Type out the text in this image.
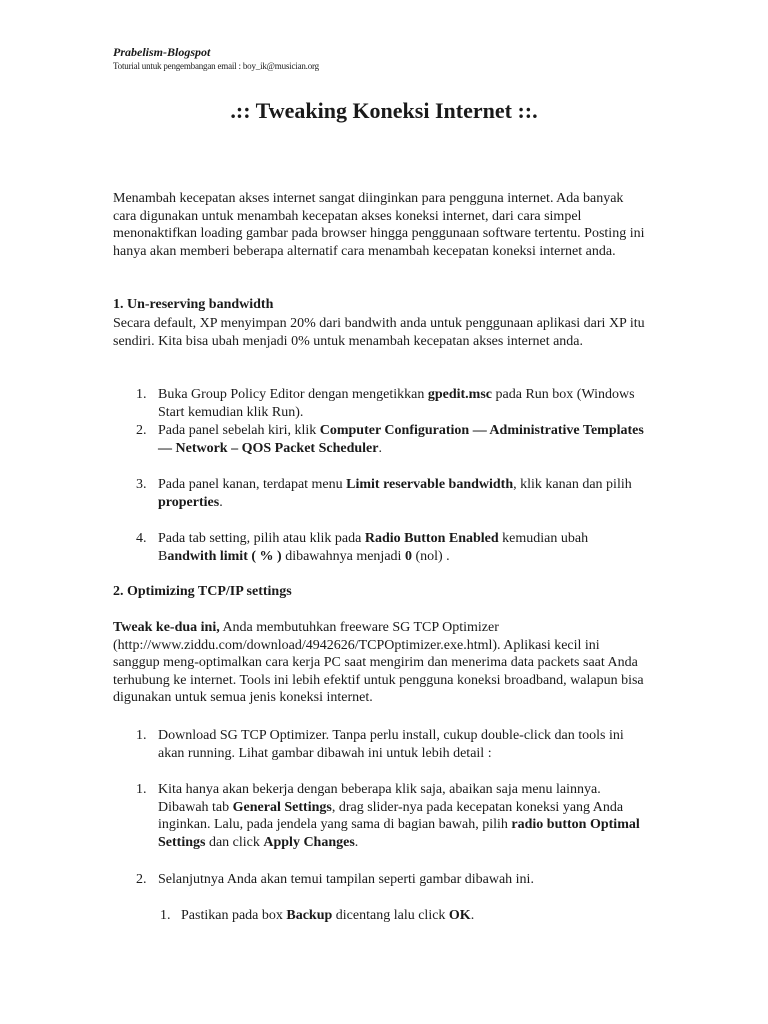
Prabelism-Blogspot
Toturial untuk pengembangan email : boy_ik@musician.org
.:: Tweaking Koneksi Internet ::.
Menambah kecepatan akses internet sangat diinginkan para pengguna internet. Ada banyak cara digunakan untuk menambah kecepatan akses koneksi internet, dari cara simpel menonaktifkan loading gambar pada browser hingga penggunaan software tertentu. Posting ini hanya akan memberi beberapa alternatif cara menambah kecepatan koneksi internet anda.
1. Un-reserving bandwidth
Secara default, XP menyimpan 20% dari bandwith anda untuk penggunaan aplikasi dari XP itu sendiri. Kita bisa ubah menjadi 0% untuk menambah kecepatan akses internet anda.
1. Buka Group Policy Editor dengan mengetikkan gpedit.msc pada Run box (Windows Start kemudian klik Run).
2. Pada panel sebelah kiri, klik Computer Configuration — Administrative Templates — Network – QOS Packet Scheduler.
3. Pada panel kanan, terdapat menu Limit reservable bandwidth, klik kanan dan pilih properties.
4. Pada tab setting, pilih atau klik pada Radio Button Enabled kemudian ubah Bandwith limit ( % ) dibawahnya menjadi 0 (nol) .
2. Optimizing TCP/IP settings
Tweak ke-dua ini, Anda membutuhkan freeware SG TCP Optimizer (http://www.ziddu.com/download/4942626/TCPOptimizer.exe.html). Aplikasi kecil ini sanggup meng-optimalkan cara kerja PC saat mengirim dan menerima data packets saat Anda terhubung ke internet. Tools ini lebih efektif untuk pengguna koneksi broadband, walapun bisa digunakan untuk semua jenis koneksi internet.
1. Download SG TCP Optimizer. Tanpa perlu install, cukup double-click dan tools ini akan running. Lihat gambar dibawah ini untuk lebih detail :
1. Kita hanya akan bekerja dengan beberapa klik saja, abaikan saja menu lainnya. Dibawah tab General Settings, drag slider-nya pada kecepatan koneksi yang Anda inginkan. Lalu, pada jendela yang sama di bagian bawah, pilih radio button Optimal Settings dan click Apply Changes.
2. Selanjutnya Anda akan temui tampilan seperti gambar dibawah ini.
1. Pastikan pada box Backup dicentang lalu click OK.
